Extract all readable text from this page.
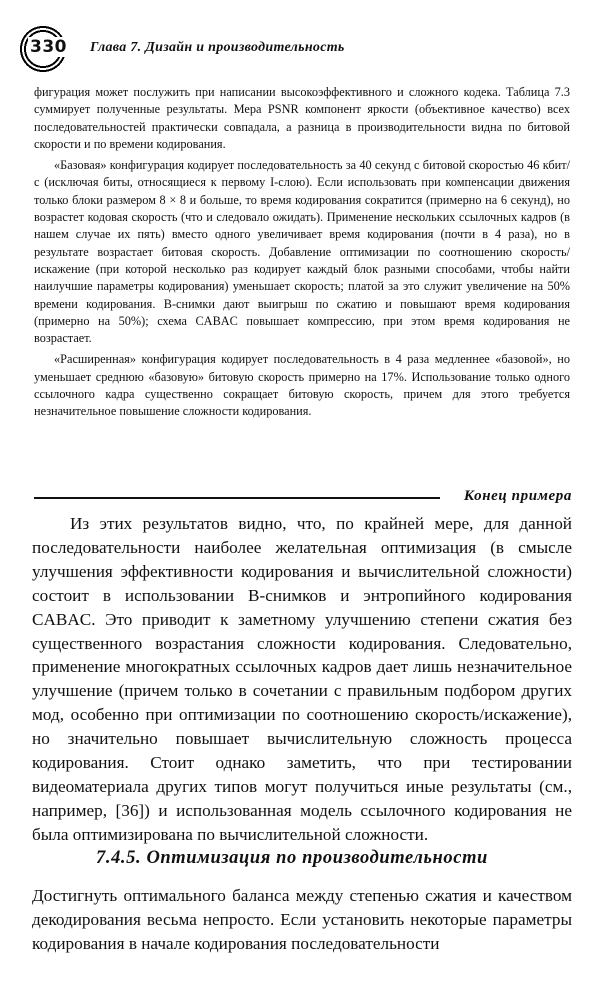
330 Глава 7. Дизайн и производительность

фигурация может послужить при написании высокоэффективного и сложного кодека. Таблица 7.3 суммирует полученные результаты. Мера PSNR компонент яркости (объективное качество) всех последовательностей практически совпадала, а разница в производительности видна по битовой скорости и по времени кодирования.

«Базовая» конфигурация кодирует последовательность за 40 секунд с битовой скоростью 46 кбит/с (исключая биты, относящиеся к первому I-слою). Если использовать при компенсации движения только блоки размером 8 × 8 и больше, то время кодирования сократится (примерно на 6 секунд), но возрастет кодовая скорость (что и следовало ожидать). Применение нескольких ссылочных кадров (в нашем случае их пять) вместо одного увеличивает время кодирования (почти в 4 раза), но в результате возрастает битовая скорость. Добавление оптимизации по соотношению скорость/искажение (при которой несколько раз кодирует каждый блок разными способами, чтобы найти наилучшие параметры кодирования) уменьшает скорость; платой за это служит увеличение на 50% времени кодирования. В-снимки дают выигрыш по сжатию и повышают время кодирования (примерно на 50%); схема CABAC повышает компрессию, при этом время кодирования не возрастает.

«Расширенная» конфигурация кодирует последовательность в 4 раза медленнее «базовой», но уменьшает среднюю «базовую» битовую скорость примерно на 17%. Использование только одного ссылочного кадра существенно сокращает битовую скорость, причем для этого требуется незначительное повышение сложности кодирования.

Конец примера

Из этих результатов видно, что, по крайней мере, для данной последовательности наиболее желательная оптимизация (в смысле улучшения эффективности кодирования и вычислительной сложности) состоит в использовании В-снимков и энтропийного кодирования CABAC. Это приводит к заметному улучшению степени сжатия без существенного возрастания сложности кодирования. Следовательно, применение многократных ссылочных кадров дает лишь незначительное улучшение (причем только в сочетании с правильным подбором других мод, особенно при оптимизации по соотношению скорость/искажение), но значительно повышает вычислительную сложность процесса кодирования. Стоит однако заметить, что при тестировании видеоматериала других типов могут получиться иные результаты (см., например, [36]) и использованная модель ссылочного кодирования не была оптимизирована по вычислительной сложности.

7.4.5. Оптимизация по производительности

Достигнуть оптимального баланса между степенью сжатия и качеством декодирования весьма непросто. Если установить некоторые параметры кодирования в начале кодирования последовательности
